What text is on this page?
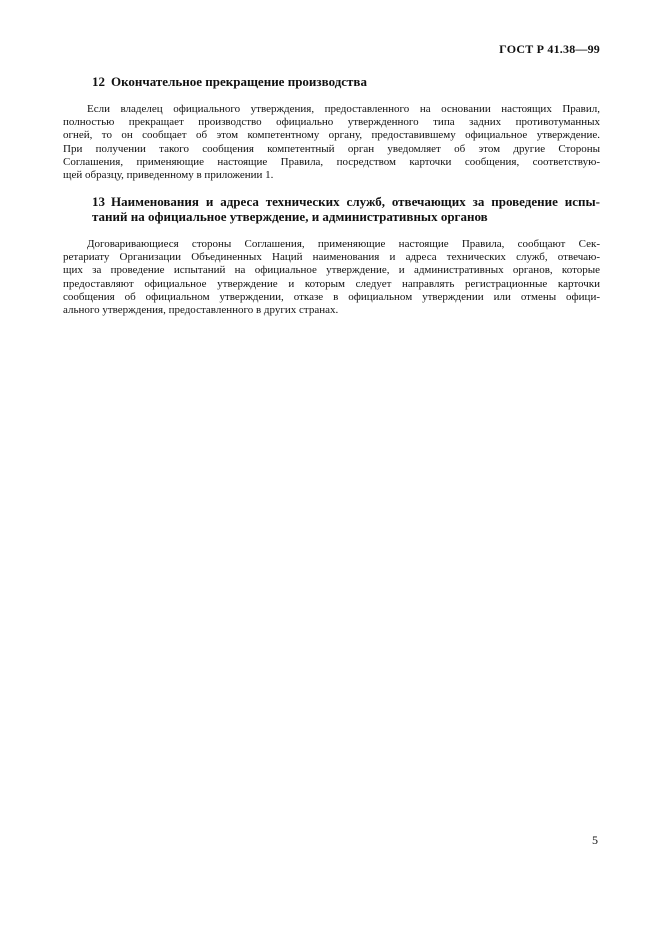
ГОСТ Р 41.38—99
12 Окончательное прекращение производства

Если владелец официального утверждения, предоставленного на основании настоящих Правил,
полностью прекращает производство официально утвержденного типа задних противотуманных
огней, то он сообщает об этом компетентному органу, предоставившему официальное утверждение.
При получении такого сообщения компетентный орган уведомляет об этом другие Стороны
Соглашения, применяющие настоящие Правила, посредством карточки сообщения, соответствую-
щей образцу, приведенному в приложении 1.

13 Наименования и адреса технических служб, отвечающих за проведение испы-
таний на официальное утверждение, и административных органов

Договаривающиеся стороны Соглашения, применяющие настоящие Правила, сообщают Сек-
ретариату Организации Объединенных Наций наименования и адреса технических служб, отвечаю-
щих за проведение испытаний на официальное утверждение, и административных органов, которые
предоставляют официальное утверждение и которым следует направлять регистрационные карточки
сообщения об официальном утверждении, отказе в официальном утверждении или отмены офици-
ального утверждения, предоставленного в других странах.

5
